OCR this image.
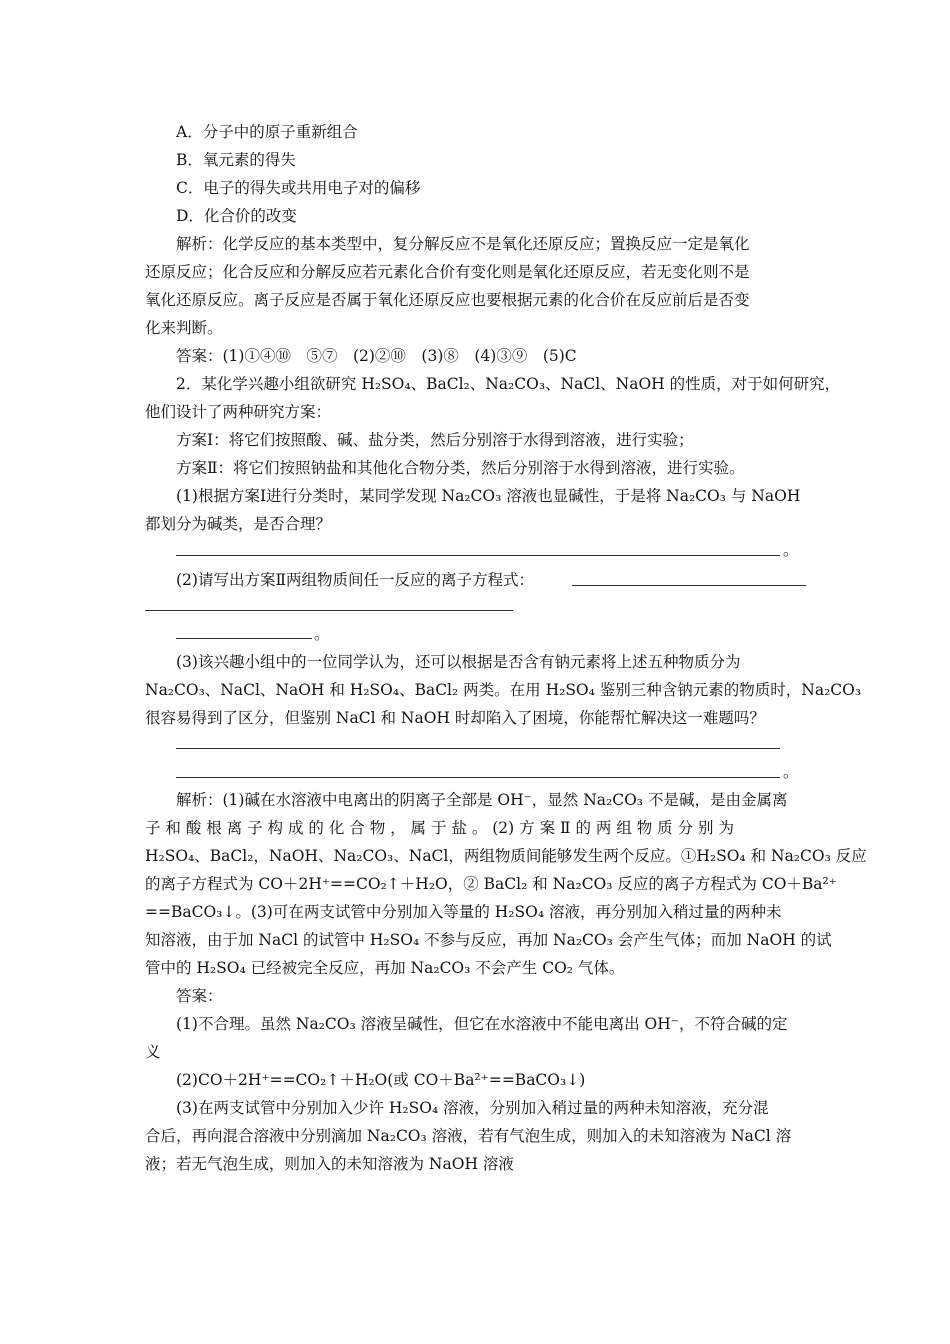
A．分子中的原子重新组合
B．氧元素的得失
C．电子的得失或共用电子对的偏移
D．化合价的改变
解析：化学反应的基本类型中，复分解反应不是氧化还原反应；置换反应一定是氧化
还原反应；化合反应和分解反应若元素化合价有变化则是氧化还原反应，若无变化则不是
氧化还原反应。离子反应是否属于氧化还原反应也要根据元素的化合价在反应前后是否变
化来判断。
答案：(1)①④⑩　⑤⑦　(2)②⑩　(3)⑧　(4)③⑨　(5)C
2．某化学兴趣小组欲研究 H₂SO₄、BaCl₂、Na₂CO₃、NaCl、NaOH 的性质，对于如何研究，
他们设计了两种研究方案：
方案Ⅰ：将它们按照酸、碱、盐分类，然后分别溶于水得到溶液，进行实验；
方案Ⅱ：将它们按照钠盐和其他化合物分类，然后分别溶于水得到溶液，进行实验。
(1)根据方案Ⅰ进行分类时，某同学发现 Na₂CO₃ 溶液也显碱性，于是将 Na₂CO₃ 与 NaOH
都划分为碱类，是否合理？
。
(2)请写出方案Ⅱ两组物质间任一反应的离子方程式：
。
(3)该兴趣小组中的一位同学认为，还可以根据是否含有钠元素将上述五种物质分为
Na₂CO₃、NaCl、NaOH 和 H₂SO₄、BaCl₂ 两类。在用 H₂SO₄ 鉴别三种含钠元素的物质时，Na₂CO₃
很容易得到了区分，但鉴别 NaCl 和 NaOH 时却陷入了困境，你能帮忙解决这一难题吗？
。
解析：(1)碱在水溶液中电离出的阴离子全部是 OH⁻，显然 Na₂CO₃ 不是碱，是由金属离
子 和 酸 根 离 子 构 成 的 化 合 物 ， 属 于 盐 。 (2) 方 案 Ⅱ 的 两 组 物 质 分 别 为
H₂SO₄、BaCl₂，NaOH、Na₂CO₃、NaCl，两组物质间能够发生两个反应。①H₂SO₄ 和 Na₂CO₃ 反应
的离子方程式为 CO＋2H⁺==CO₂↑＋H₂O，② BaCl₂ 和 Na₂CO₃ 反应的离子方程式为 CO＋Ba²⁺
==BaCO₃↓。(3)可在两支试管中分别加入等量的 H₂SO₄ 溶液，再分别加入稍过量的两种未
知溶液，由于加 NaCl 的试管中 H₂SO₄ 不参与反应，再加 Na₂CO₃ 会产生气体；而加 NaOH 的试
管中的 H₂SO₄ 已经被完全反应，再加 Na₂CO₃ 不会产生 CO₂ 气体。
答案：
(1)不合理。虽然 Na₂CO₃ 溶液呈碱性，但它在水溶液中不能电离出 OH⁻，不符合碱的定
义
(2)CO＋2H⁺==CO₂↑＋H₂O(或 CO＋Ba²⁺==BaCO₃↓)
(3)在两支试管中分别加入少许 H₂SO₄ 溶液，分别加入稍过量的两种未知溶液，充分混
合后，再向混合溶液中分别滴加 Na₂CO₃ 溶液，若有气泡生成，则加入的未知溶液为 NaCl 溶
液；若无气泡生成，则加入的未知溶液为 NaOH 溶液
